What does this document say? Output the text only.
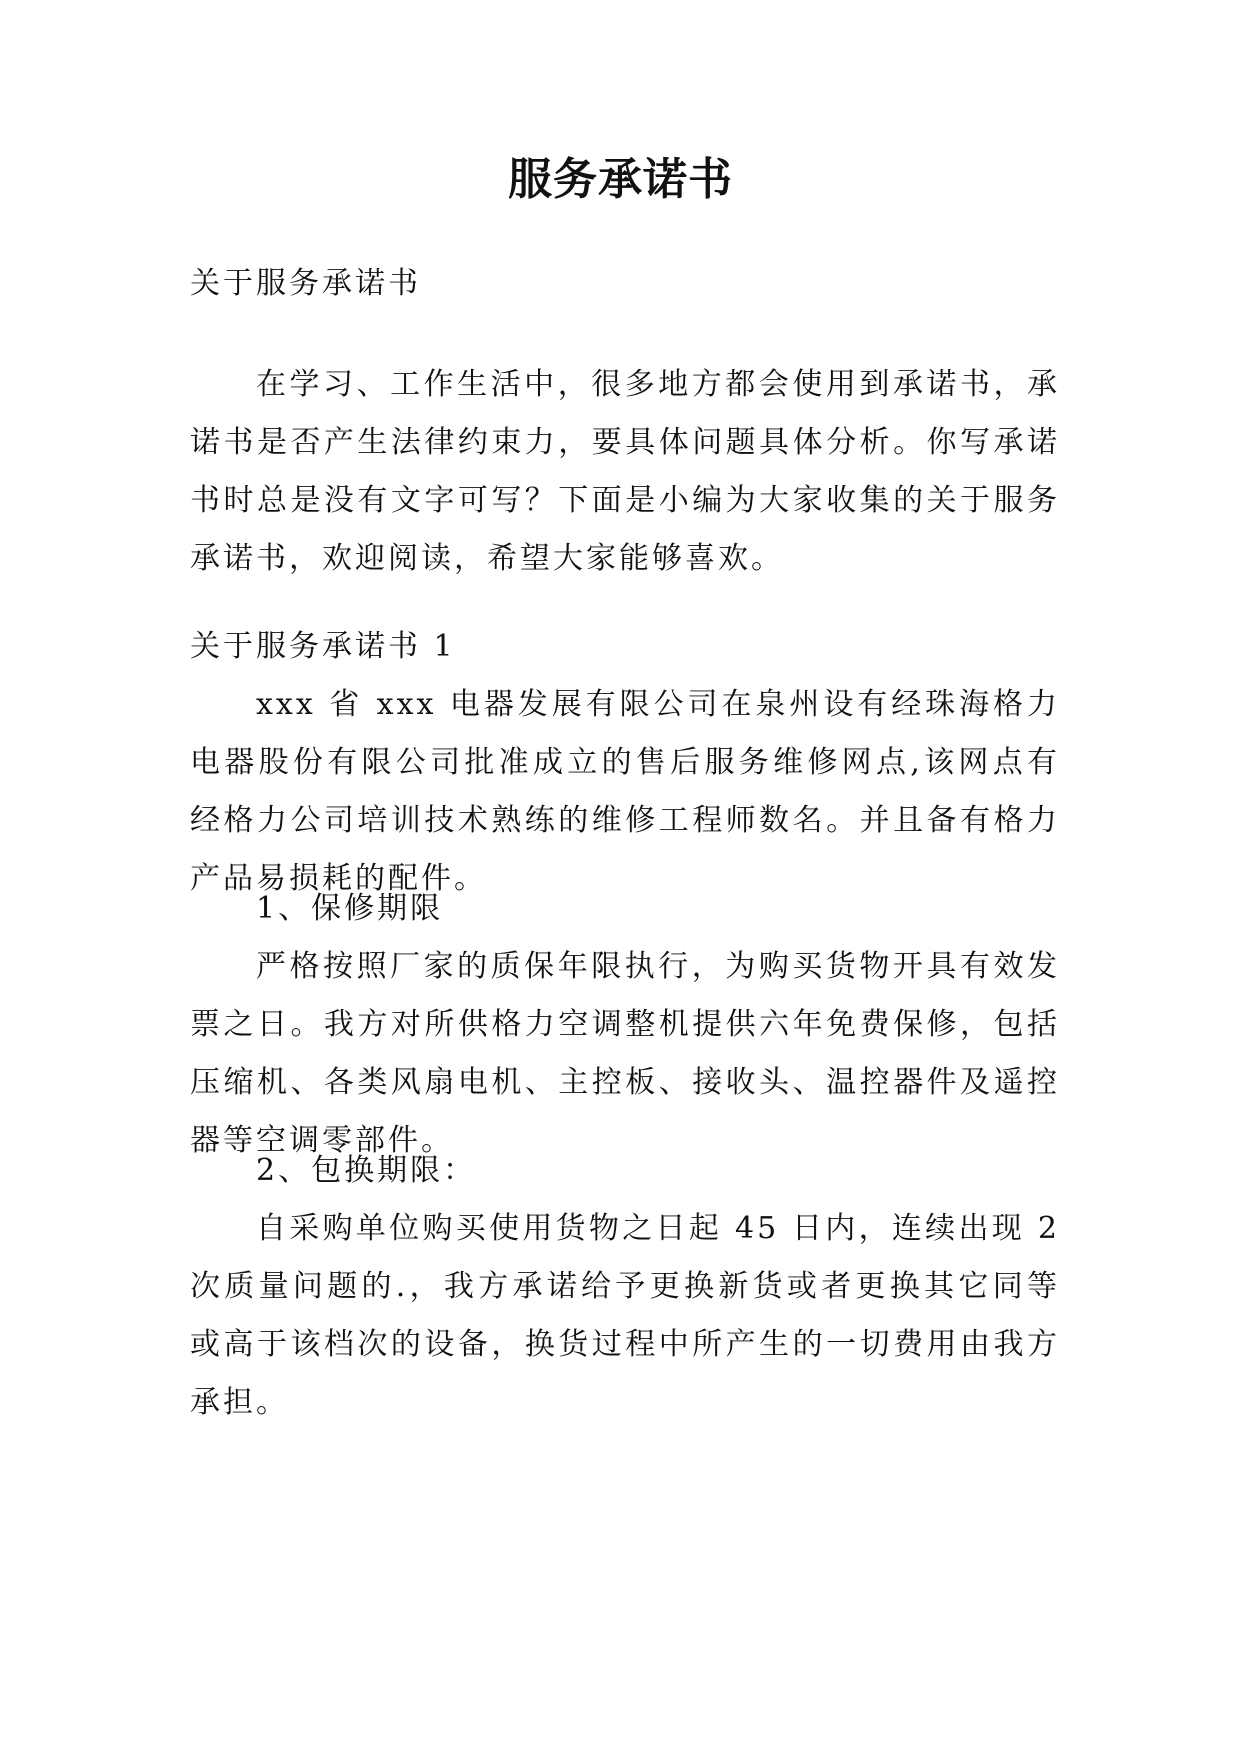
服务承诺书

关于服务承诺书

在学习、工作生活中，很多地方都会使用到承诺书，承诺书是否产生法律约束力，要具体问题具体分析。你写承诺书时总是没有文字可写？下面是小编为大家收集的关于服务承诺书，欢迎阅读，希望大家能够喜欢。

关于服务承诺书 1

xxx 省 xxx 电器发展有限公司在泉州设有经珠海格力电器股份有限公司批准成立的售后服务维修网点,该网点有经格力公司培训技术熟练的维修工程师数名。并且备有格力产品易损耗的配件。

1、保修期限

严格按照厂家的质保年限执行，为购买货物开具有效发票之日。我方对所供格力空调整机提供六年免费保修，包括压缩机、各类风扇电机、主控板、接收头、温控器件及遥控器等空调零部件。

2、包换期限：

自采购单位购买使用货物之日起 45 日内，连续出现 2 次质量问题的.，我方承诺给予更换新货或者更换其它同等或高于该档次的设备，换货过程中所产生的一切费用由我方承担。
